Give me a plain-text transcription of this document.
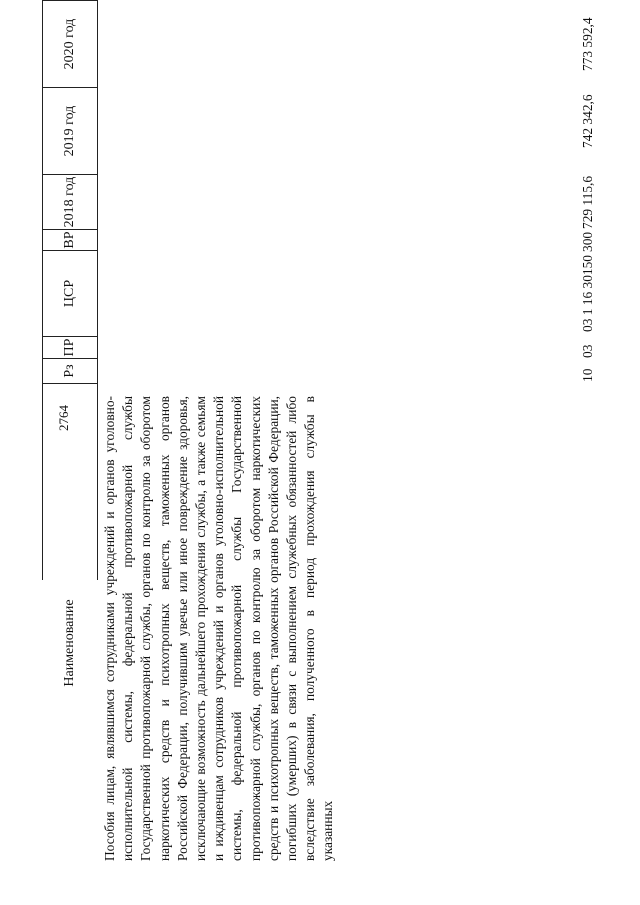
2764
Наименование
Рз
ПР
ЦСР
ВР
2018 год
2019 год
2020 год
Пособия лицам, являвшимся сотрудниками учреждений и органов уголовно-исполнительной системы, федеральной противопожарной службы Государственной противопожарной службы, органов по контролю за оборотом наркотических средств и психотропных веществ, таможенных органов Российской Федерации, получившим увечье или иное повреждение здоровья, исключающие возможность дальнейшего прохождения службы, а также семьям и иждивенцам сотрудников учреждений и органов уголовно-исполнительной системы, федеральной противопожарной службы Государственной противопожарной службы, органов по контролю за оборотом наркотических средств и психотропных веществ, таможенных органов Российской Федерации, погибших (умерших) в связи с выполнением служебных обязанностей либо вследствие заболевания, полученного в период прохождения службы в указанных
10
03
03 1 16 30150
300
729 115,6
742 342,6
773 592,4
